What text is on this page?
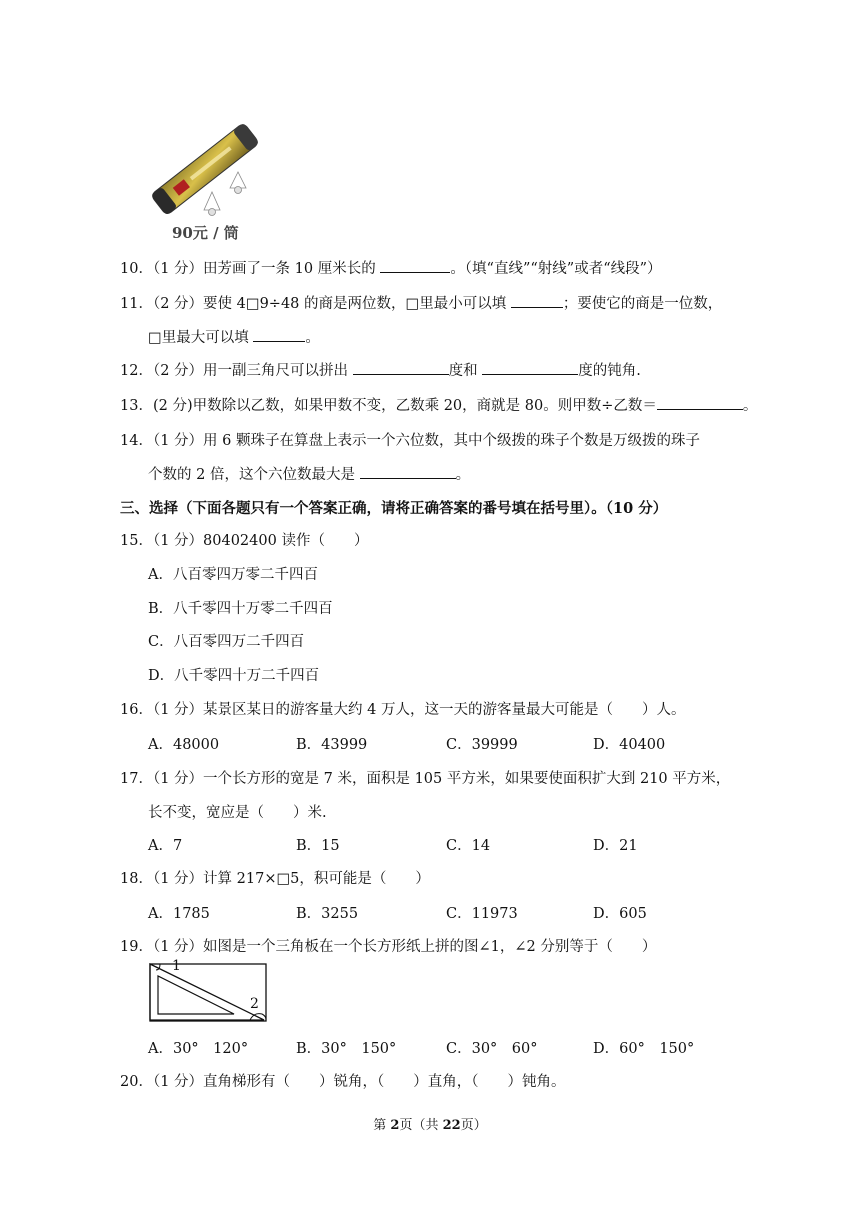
90元 / 筒
10．（1 分）田芳画了一条 10 厘米长的	。（填“直线”“射线”或者“线段”）
11．（2 分）要使 4□9÷48 的商是两位数，□里最小可以填	；要使它的商是一位数，
□里最大可以填	。
12．（2 分）用一副三角尺可以拼出	度和	度的钝角.
13．(2 分)甲数除以乙数，如果甲数不变，乙数乘 20，商就是 80。则甲数÷乙数＝	。
14．（1 分）用 6 颗珠子在算盘上表示一个六位数，其中个级拨的珠子个数是万级拨的珠子
个数的 2 倍，这个六位数最大是	。
三、选择（下面各题只有一个答案正确，请将正确答案的番号填在括号里）。（10 分）
15．（1 分）80402400 读作（　　）
A．八百零四万零二千四百
B．八千零四十万零二千四百
C．八百零四万二千四百
D．八千零四十万二千四百
16．（1 分）某景区某日的游客量大约 4 万人，这一天的游客量最大可能是（　　）人。
A．48000	B．43999	C．39999	D．40400
17．（1 分）一个长方形的宽是 7 米，面积是 105 平方米，如果要使面积扩大到 210 平方米，
长不变，宽应是（　　）米.
A．7	B．15	C．14	D．21
18．（1 分）计算 217×□5，积可能是（　　）
A．1785	B．3255	C．11973	D．605
19．（1 分）如图是一个三角板在一个长方形纸上拼的图∠1，∠2 分别等于（　　）
1
2
A．30°　120°	B．30°　150°	C．30°　60°	D．60°　150°
20．（1 分）直角梯形有（　　）锐角，（　　）直角，（　　）钝角。
第 2页（共 22页）
